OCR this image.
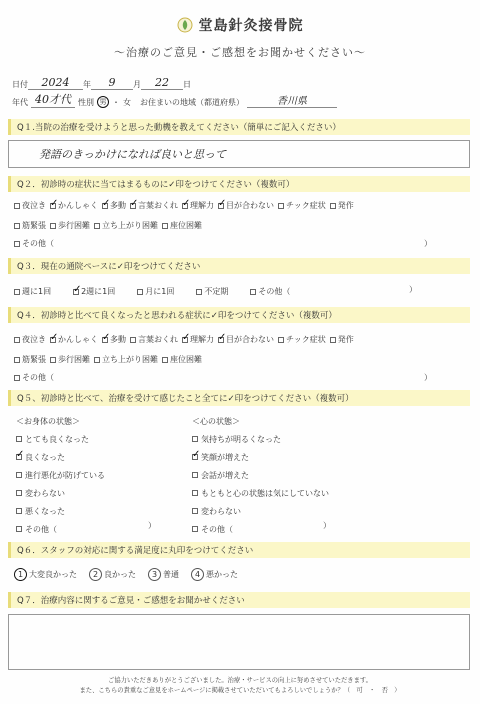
堂島針灸接骨院
〜治療のご意見・ご感想をお聞かせください〜
日付	2024	年	9	月	22	日
年代 40才代 性別 男 ・ 女 お住まいの地域（都道府県）	香川県
Q１.当院の治療を受けようと思った動機を教えてください（簡単にご記入ください）
発語のきっかけになれば良いと思って
Q２．初診時の症状に当てはまるものに✓印をつけてください（複数可）
夜泣き ✓ かんしゃく ✓ 多動 ✓ 言葉おくれ ✓ 理解力 ✓ 目が合わない チック症状 発作
筋緊張 歩行困難 立ち上がり困難 座位困難
その他（	）
Q３．現在の通院ペースに✓印をつけてください
週に1回 ✓	2週に1回	月に1回	不定期	その他（	）
Q４．初診時と比べて良くなったと思われる症状に✓印をつけてください（複数可）
夜泣き ✓ かんしゃく ✓ 多動 言葉おくれ ✓ 理解力 ✓ 目が合わない チック症状 発作
筋緊張 歩行困難 立ち上がり困難 座位困難
その他（	）
Q５、初診時と比べて、治療を受けて感じたこと全てに✓印をつけてください（複数可）
＜お身体の状態＞
とても良くなった
✓
良くなった
進行悪化が防げている
変わらない
悪くなった
その他（
＜心の状態＞
気持ちが明るくなった
✓
笑顔が増えた
会話が増えた
もともと心の状態は気にしていない
変わらない
その他（
）	）
Q６．スタッフの対応に関する満足度に丸印をつけてください
1 大変良かった	2 良かった	3 普通	4 悪かった
Q７．治療内容に関するご意見・ご感想をお聞かせください
ご協力いただきありがとうございました。治療・サービスの向上に努めさせていただきます。
また、こちらの貴重なご意見をホームページに掲載させていただいてもよろしいでしょうか？（　可　・　否　）
